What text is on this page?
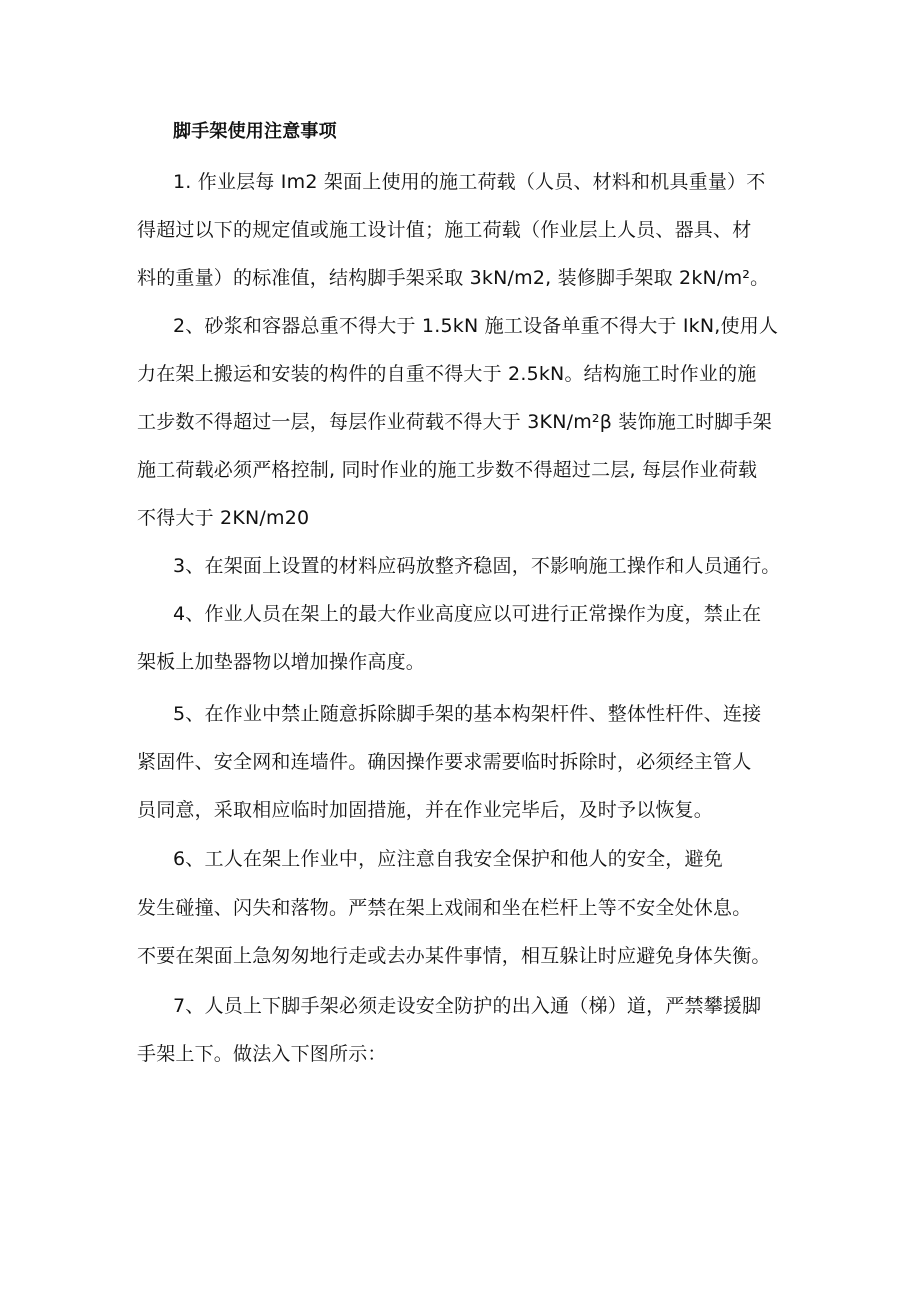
脚手架使用注意事项
1. 作业层每 Im2 架面上使用的施工荷载（人员、材料和机具重量）不
得超过以下的规定值或施工设计值；施工荷载（作业层上人员、器具、材
料的重量）的标准值，结构脚手架采取 3kN/m2, 装修脚手架取 2kN/m²。
2、砂浆和容器总重不得大于 1.5kN 施工设备单重不得大于 IkN,使用人
力在架上搬运和安装的构件的自重不得大于 2.5kN。结构施工时作业的施
工步数不得超过一层，每层作业荷载不得大于 3KN/m²β 装饰施工时脚手架
施工荷载必须严格控制, 同时作业的施工步数不得超过二层, 每层作业荷载
不得大于 2KN/m20
3、在架面上设置的材料应码放整齐稳固，不影响施工操作和人员通行。
4、作业人员在架上的最大作业高度应以可进行正常操作为度，禁止在
架板上加垫器物以增加操作高度。
5、在作业中禁止随意拆除脚手架的基本构架杆件、整体性杆件、连接
紧固件、安全网和连墙件。确因操作要求需要临时拆除时，必须经主管人
员同意，采取相应临时加固措施，并在作业完毕后，及时予以恢复。
6、工人在架上作业中，应注意自我安全保护和他人的安全，避免
发生碰撞、闪失和落物。严禁在架上戏闹和坐在栏杆上等不安全处休息。
不要在架面上急匆匆地行走或去办某件事情，相互躲让时应避免身体失衡。
7、人员上下脚手架必须走设安全防护的出入通（梯）道，严禁攀援脚
手架上下。做法入下图所示：
